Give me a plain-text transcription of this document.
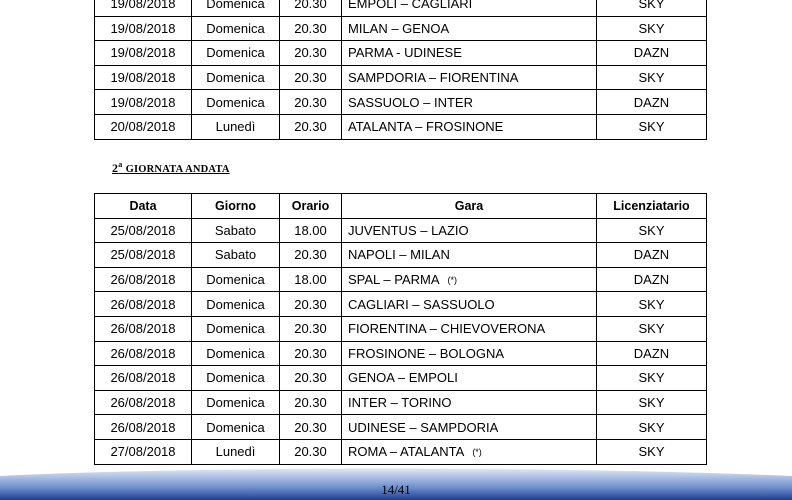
19/08/2018	Domenica	20.30	EMPOLI – CAGLIARI	SKY
19/08/2018	Domenica	20.30	MILAN – GENOA	SKY
19/08/2018	Domenica	20.30	PARMA - UDINESE	DAZN
19/08/2018	Domenica	20.30	SAMPDORIA – FIORENTINA	SKY
19/08/2018	Domenica	20.30	SASSUOLO – INTER	DAZN
20/08/2018	Lunedì	20.30	ATALANTA – FROSINONE	SKY
2$^a$ GIORNATA ANDATA
Data	Giorno	Orario	Gara	Licenziatario
25/08/2018	Sabato	18.00	JUVENTUS – LAZIO	SKY
25/08/2018	Sabato	20.30	NAPOLI – MILAN	DAZN
26/08/2018	Domenica	18.00	SPAL – PARMA (*)	DAZN
26/08/2018	Domenica	20.30	CAGLIARI – SASSUOLO	SKY
26/08/2018	Domenica	20.30	FIORENTINA – CHIEVOVERONA	SKY
26/08/2018	Domenica	20.30	FROSINONE – BOLOGNA	DAZN
26/08/2018	Domenica	20.30	GENOA – EMPOLI	SKY
26/08/2018	Domenica	20.30	INTER – TORINO	SKY
26/08/2018	Domenica	20.30	UDINESE – SAMPDORIA	SKY
27/08/2018	Lunedì	20.30	ROMA – ATALANTA (*)	SKY
14/41
